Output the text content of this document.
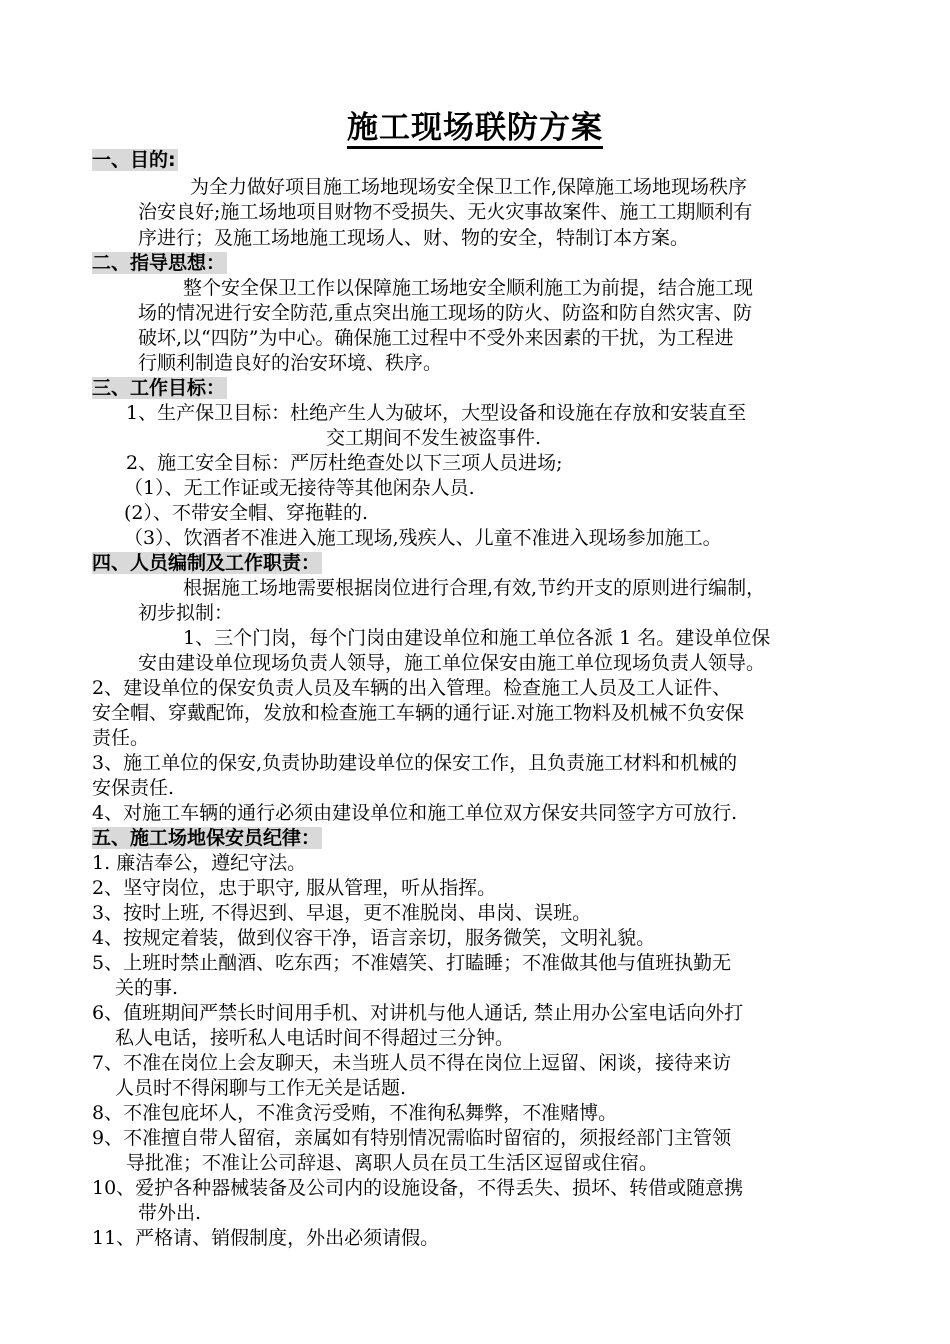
施工现场联防方案
一、目的:
为全力做好项目施工场地现场安全保卫工作,保障施工场地现场秩序
治安良好;施工场地项目财物不受损失、无火灾事故案件、施工工期顺利有
序进行；及施工场地施工现场人、财、物的安全，特制订本方案。
二、指导思想：
整个安全保卫工作以保障施工场地安全顺利施工为前提，结合施工现
场的情况进行安全防范,重点突出施工现场的防火、防盗和防自然灾害、防
破坏,以“四防”为中心。确保施工过程中不受外来因素的干扰，为工程进
行顺利制造良好的治安环境、秩序。
三、工作目标：
1、生产保卫目标：杜绝产生人为破坏，大型设备和设施在存放和安装直至
交工期间不发生被盗事件.
2、施工安全目标：严厉杜绝查处以下三项人员进场;
（1）、无工作证或无接待等其他闲杂人员.
(2）、不带安全帽、穿拖鞋的.
（3）、饮酒者不准进入施工现场,残疾人、儿童不准进入现场参加施工。
四、人员编制及工作职责：
根据施工场地需要根据岗位进行合理,有效,节约开支的原则进行编制，
初步拟制：
1、三个门岗，每个门岗由建设单位和施工单位各派 1 名。建设单位保
安由建设单位现场负责人领导，施工单位保安由施工单位现场负责人领导。
2、建设单位的保安负责人员及车辆的出入管理。检查施工人员及工人证件、
安全帽、穿戴配饰，发放和检查施工车辆的通行证.对施工物料及机械不负安保
责任。
3、施工单位的保安,负责协助建设单位的保安工作，且负责施工材料和机械的
安保责任.
4、对施工车辆的通行必须由建设单位和施工单位双方保安共同签字方可放行.
五、施工场地保安员纪律：
1. 廉洁奉公，遵纪守法。
2、坚守岗位，忠于职守, 服从管理，听从指挥。
3、按时上班, 不得迟到、早退，更不准脱岗、串岗、误班。
4、按规定着装，做到仪容干净，语言亲切，服务微笑，文明礼貌。
5、上班时禁止酗酒、吃东西；不准嬉笑、打瞌睡；不准做其他与值班执勤无
关的事.
6、值班期间严禁长时间用手机、对讲机与他人通话, 禁止用办公室电话向外打
私人电话，接听私人电话时间不得超过三分钟。
7、不准在岗位上会友聊天，未当班人员不得在岗位上逗留、闲谈，接待来访
人员时不得闲聊与工作无关是话题.
8、不准包庇坏人，不准贪污受贿，不准徇私舞弊，不准赌博。
9、不准擅自带人留宿，亲属如有特别情况需临时留宿的，须报经部门主管领
导批准；不准让公司辞退、离职人员在员工生活区逗留或住宿。
10、爱护各种器械装备及公司内的设施设备，不得丢失、损坏、转借或随意携
带外出.
11、严格请、销假制度，外出必须请假。
